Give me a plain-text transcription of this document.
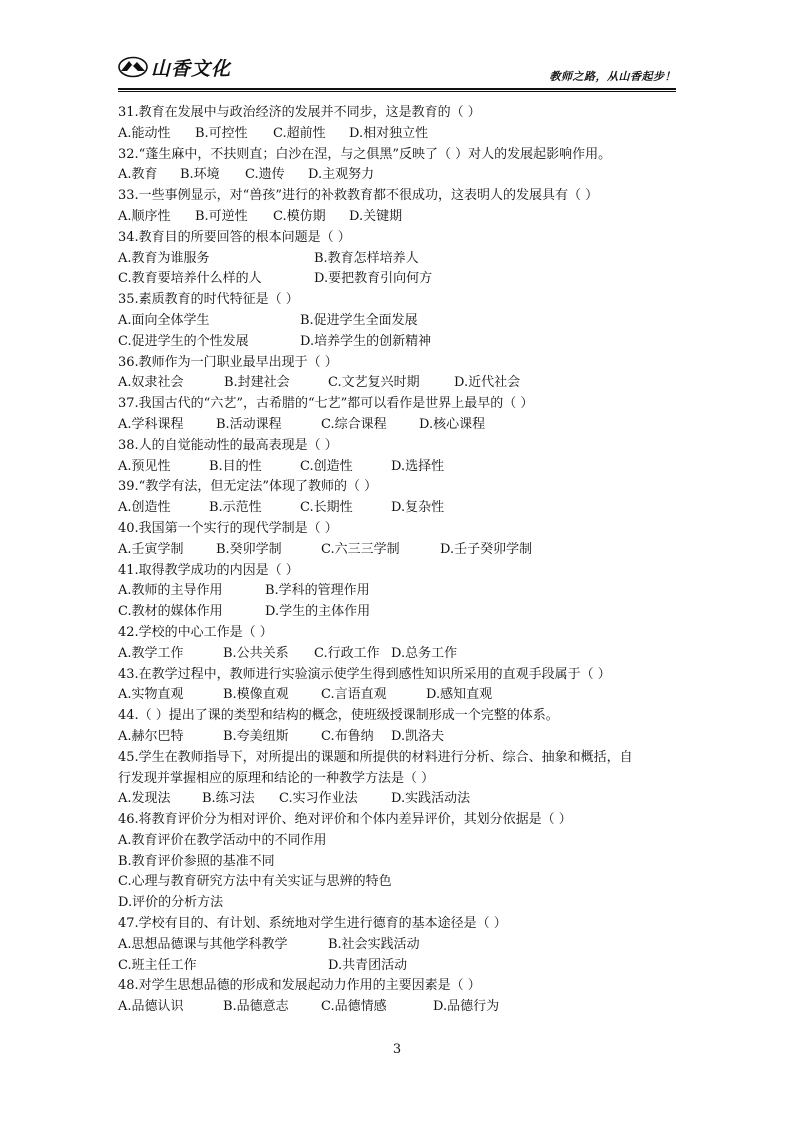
山香文化	教师之路，从山香起步！
31.教育在发展中与政治经济的发展并不同步，这是教育的（ ）
A.能动性 B.可控性 C.超前性 D.相对独立性
32.“蓬生麻中，不扶则直；白沙在涅，与之俱黑”反映了（ ）对人的发展起影响作用。
A.教育 B.环境 C.遗传 D.主观努力
33.一些事例显示，对“兽孩”进行的补救教育都不很成功，这表明人的发展具有（ ）
A.顺序性 B.可逆性 C.模仿期 D.关键期
34.教育目的所要回答的根本问题是（ ）
A.教育为谁服务	B.教育怎样培养人
C.教育要培养什么样的人	D.要把教育引向何方
35.素质教育的时代特征是（ ）
A.面向全体学生	B.促进学生全面发展
C.促进学生的个性发展	D.培养学生的创新精神
36.教师作为一门职业最早出现于（ ）
A.奴隶社会	B.封建社会	C.文艺复兴时期	D.近代社会
37.我国古代的“六艺”，古希腊的“七艺”都可以看作是世界上最早的（ ）
A.学科课程 B.活动课程	C.综合课程 D.核心课程
38.人的自觉能动性的最高表现是（ ）
A.预见性	B.目的性	C.创造性	D.选择性
39.“教学有法，但无定法”体现了教师的（ ）
A.创造性	B.示范性	C.长期性	D.复杂性
40.我国第一个实行的现代学制是（ ）
A.壬寅学制 B.癸卯学制	C.六三三学制	D.壬子癸卯学制
41.取得教学成功的内因是（ ）
A.教师的主导作用	B.学科的管理作用
C.教材的媒体作用	D.学生的主体作用
42.学校的中心工作是（ ）
A.教学工作	B.公共关系 C.行政工作 D.总务工作
43.在教学过程中，教师进行实验演示使学生得到感性知识所采用的直观手段属于（ ）
A.实物直观	B.模像直观 C.言语直观	D.感知直观
44.（ ）提出了课的类型和结构的概念，使班级授课制形成一个完整的体系。
A.赫尔巴特	B.夸美纽斯 C.布鲁纳 D.凯洛夫
45.学生在教师指导下，对所提出的课题和所提供的材料进行分析、综合、抽象和概括，自
行发现并掌握相应的原理和结论的一种教学方法是（ ）
A.发现法 B.练习法 C.实习作业法	D.实践活动法
46.将教育评价分为相对评价、绝对评价和个体内差异评价，其划分依据是（ ）
A.教育评价在教学活动中的不同作用
B.教育评价参照的基准不同
C.心理与教育研究方法中有关实证与思辨的特色
D.评价的分析方法
47.学校有目的、有计划、系统地对学生进行德育的基本途径是（ ）
A.思想品德课与其他学科教学	B.社会实践活动
C.班主任工作	D.共青团活动
48.对学生思想品德的形成和发展起动力作用的主要因素是（ ）
A.品德认识	B.品德意志 C.品德情感	D.品德行为
3
